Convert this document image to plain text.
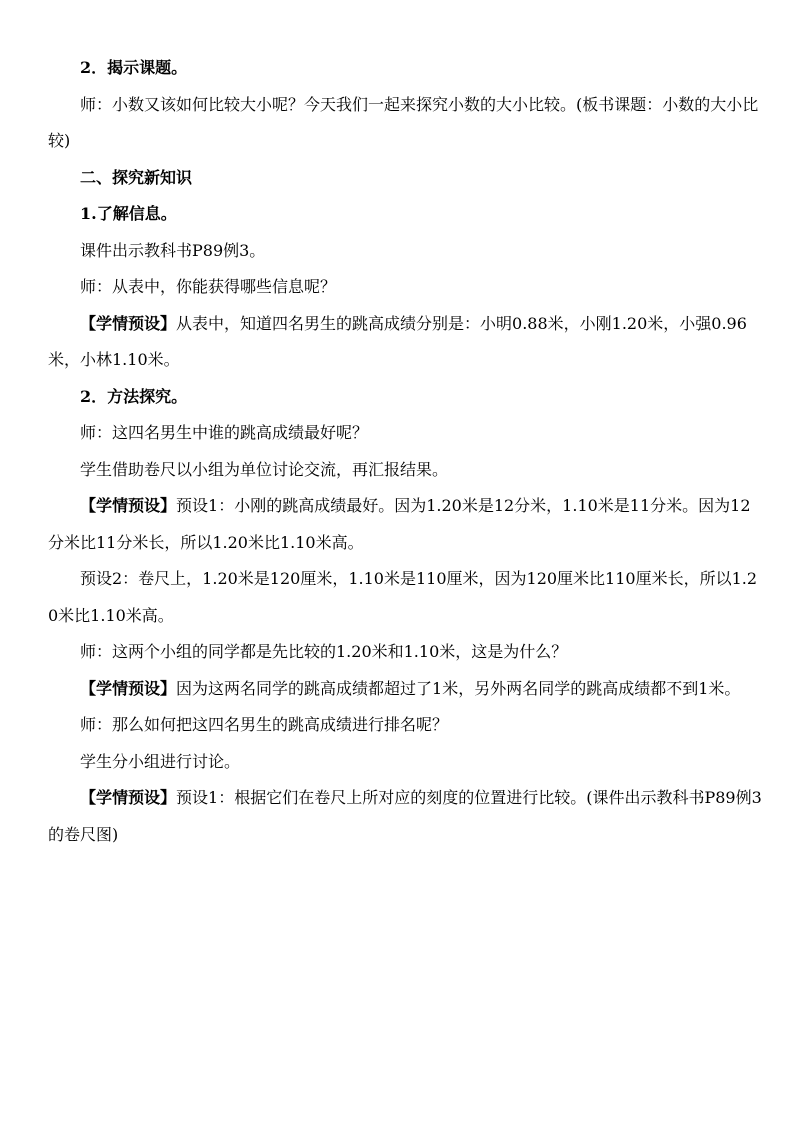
2．揭示课题。

师：小数又该如何比较大小呢？今天我们一起来探究小数的大小比较。(板书课题：小数的大小比较)

二、探究新知识

1.了解信息。

课件出示教科书P89例3。

师：从表中，你能获得哪些信息呢？

【学情预设】从表中，知道四名男生的跳高成绩分别是：小明0.88米，小刚1.20米，小强0.96米，小林1.10米。

2．方法探究。

师：这四名男生中谁的跳高成绩最好呢？

学生借助卷尺以小组为单位讨论交流，再汇报结果。

【学情预设】预设1：小刚的跳高成绩最好。因为1.20米是12分米，1.10米是11分米。因为12分米比11分米长，所以1.20米比1.10米高。

预设2：卷尺上，1.20米是120厘米，1.10米是110厘米，因为120厘米比110厘米长，所以1.20米比1.10米高。

师：这两个小组的同学都是先比较的1.20米和1.10米，这是为什么？

【学情预设】因为这两名同学的跳高成绩都超过了1米，另外两名同学的跳高成绩都不到1米。

师：那么如何把这四名男生的跳高成绩进行排名呢？

学生分小组进行讨论。

【学情预设】预设1：根据它们在卷尺上所对应的刻度的位置进行比较。(课件出示教科书P89例3的卷尺图)
